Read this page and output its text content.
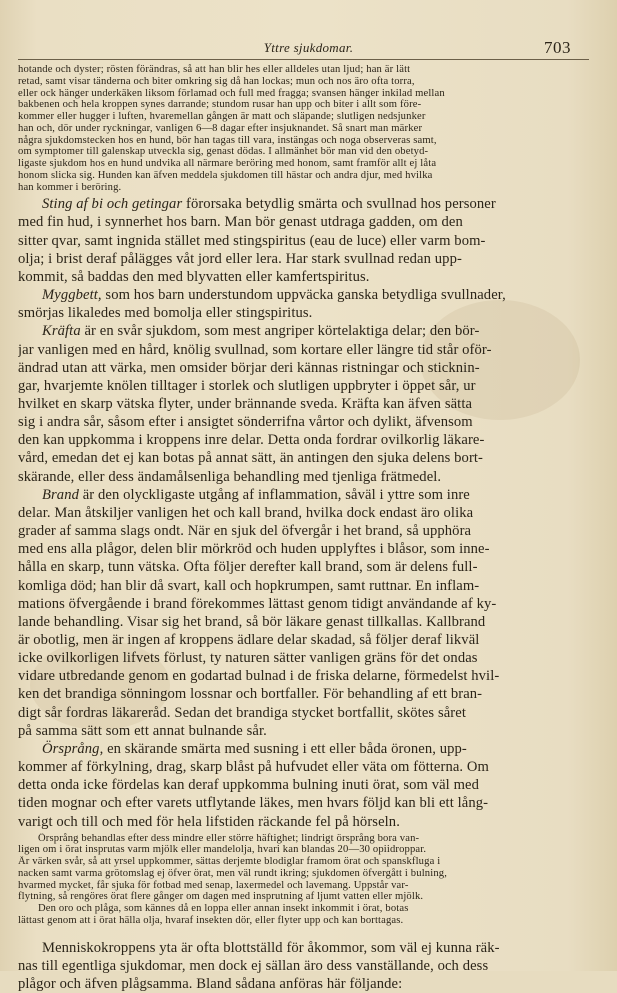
Yttre sjukdomar.	703
hotande och dyster; rösten förändras, så att han blir hes eller alldeles utan ljud; han är lätt
retad, samt visar tänderna och biter omkring sig då han lockas; mun och nos äro ofta torra,
eller ock hänger underkäken liksom förlamad och full med fragga; svansen hänger inkilad mellan
bakbenen och hela kroppen synes darrande; stundom rusar han upp och biter i allt som före-
kommer eller hugger i luften, hvaremellan gången är matt och släpande; slutligen nedsjunker
han och, dör under ryckningar, vanligen 6—8 dagar efter insjuknandet. Så snart man märker
några sjukdomstecken hos en hund, bör han tagas till vara, instängas och noga observeras samt,
om symptomer till galenskap utveckla sig, genast dödas. I allmänhet bör man vid den obetyd-
ligaste sjukdom hos en hund undvika all närmare beröring med honom, samt framför allt ej låta
honom slicka sig. Hunden kan äfven meddela sjukdomen till hästar och andra djur, med hvilka
han kommer i beröring.
Sting af bi och getingar förorsaka betydlig smärta och svullnad hos personer
med fin hud, i synnerhet hos barn. Man bör genast utdraga gadden, om den
sitter qvar, samt ingnida stället med stingspiritus (eau de luce) eller varm bom-
olja; i brist deraf pålägges våt jord eller lera. Har stark svullnad redan upp-
kommit, så baddas den med blyvatten eller kamfertspiritus.
Myggbett, som hos barn understundom uppväcka ganska betydliga svullnader,
smörjas likaledes med bomolja eller stingspiritus.
Kräfta är en svår sjukdom, som mest angriper körtelaktiga delar; den bör-
jar vanligen med en hård, knölig svullnad, som kortare eller längre tid står oför-
ändrad utan att värka, men omsider börjar deri kännas ristningar och sticknin-
gar, hvarjemte knölen tilltager i storlek och slutligen uppbryter i öppet sår, ur
hvilket en skarp vätska flyter, under brännande sveda. Kräfta kan äfven sätta
sig i andra sår, såsom efter i ansigtet sönderrifna vårtor och dylikt, äfvensom
den kan uppkomma i kroppens inre delar. Detta onda fordrar ovilkorlig läkare-
vård, emedan det ej kan botas på annat sätt, än antingen den sjuka delens bort-
skärande, eller dess ändamålsenliga behandling med tjenliga frätmedel.
Brand är den olyckligaste utgång af inflammation, såväl i yttre som inre
delar. Man åtskiljer vanligen het och kall brand, hvilka dock endast äro olika
grader af samma slags ondt. När en sjuk del öfvergår i het brand, så upphöra
med ens alla plågor, delen blir mörkröd och huden upplyftes i blåsor, som inne-
hålla en skarp, tunn vätska. Ofta följer derefter kall brand, som är delens full-
komliga död; han blir då svart, kall och hopkrumpen, samt ruttnar. En inflam-
mations öfvergående i brand förekommes lättast genom tidigt användande af ky-
lande behandling. Visar sig het brand, så bör läkare genast tillkallas. Kallbrand
är obotlig, men är ingen af kroppens ädlare delar skadad, så följer deraf likväl
icke ovilkorligen lifvets förlust, ty naturen sätter vanligen gräns för det ondas
vidare utbredande genom en godartad bulnad i de friska delarne, förmedelst hvil-
ken det brandiga sönningom lossnar och bortfaller. För behandling af ett bran-
digt sår fordras läkareråd. Sedan det brandiga stycket bortfallit, skötes såret
på samma sätt som ett annat bulnande sår.
Örsprång, en skärande smärta med susning i ett eller båda öronen, upp-
kommer af förkylning, drag, skarp blåst på hufvudet eller väta om fötterna. Om
detta onda icke fördelas kan deraf uppkomma bulning inuti örat, som väl med
tiden mognar och efter varets utflytande läkes, men hvars följd kan bli ett lång-
varigt och till och med för hela lifstiden räckande fel på hörseln.
Örsprång behandlas efter dess mindre eller större häftighet; lindrigt örsprång bora van-
ligen om i örat insprutas varm mjölk eller mandelolja, hvari kan blandas 20—30 opiidroppar.
Är värken svår, så att yrsel uppkommer, sättas derjemte blodiglar framom örat och spanskfluga i
nacken samt varma grötomslag ej öfver örat, men väl rundt ikring; sjukdomen öfvergått i bulning,
hvarmed mycket, får sjuka för fotbad med senap, laxermedel och lavemang. Uppstår var-
flytning, så rengöres örat flere gånger om dagen med insprutning af ljumt vatten eller mjölk.
Den oro och plåga, som kännes då en loppa eller annan insekt inkommit i örat, botas
lättast genom att i örat hälla olja, hvaraf insekten dör, eller flyter upp och kan borttagas.
Menniskokroppens yta är ofta blottställd för åkommor, som väl ej kunna räk-
nas till egentliga sjukdomar, men dock ej sällan äro dess vanställande, och dess
plågor och äfven plågsamma. Bland sådana anföras här följande:
